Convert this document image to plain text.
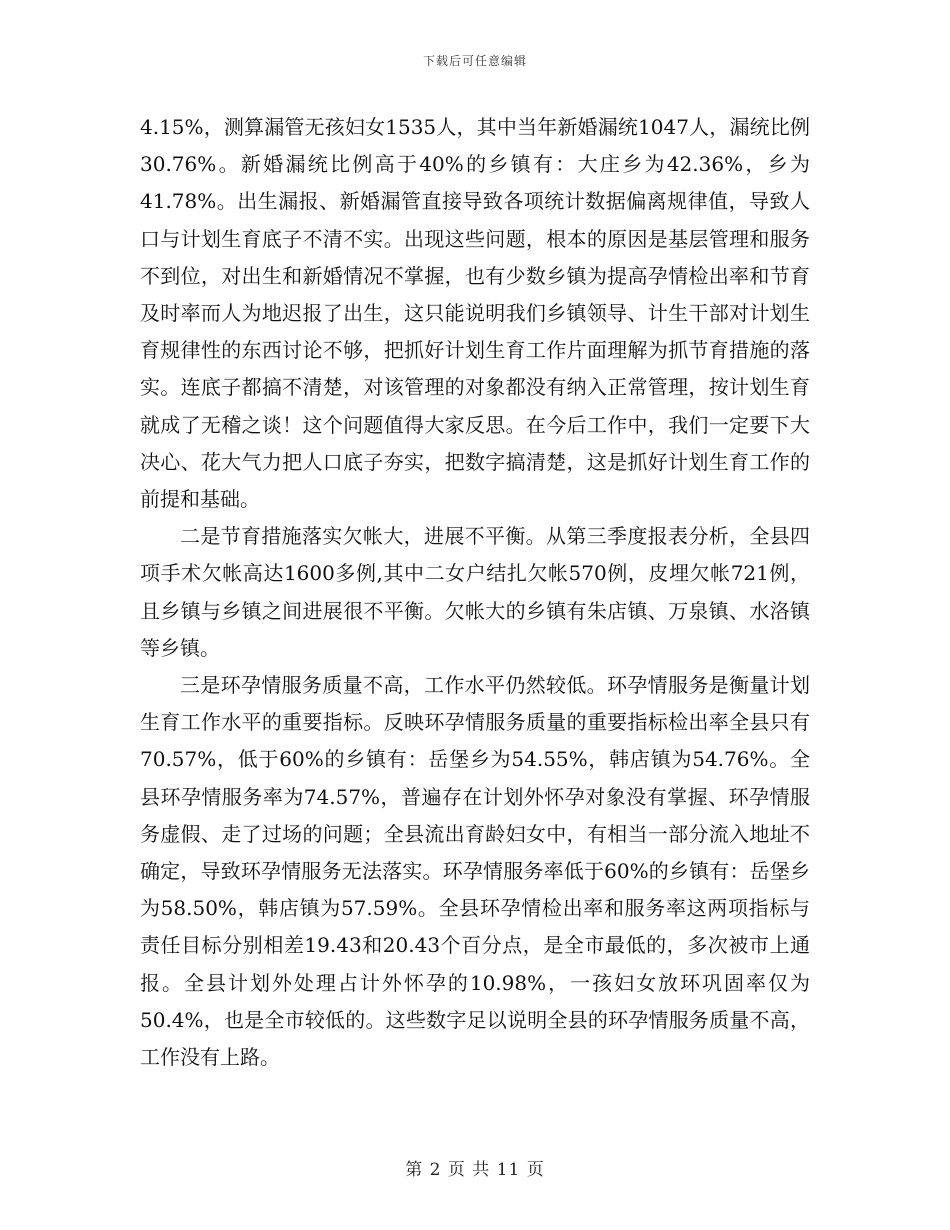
下载后可任意编辑

4.15%，测算漏管无孩妇女1535人，其中当年新婚漏统1047人，漏统比例30.76%。新婚漏统比例高于40%的乡镇有：大庄乡为42.36%，乡为41.78%。出生漏报、新婚漏管直接导致各项统计数据偏离规律值，导致人口与计划生育底子不清不实。出现这些问题，根本的原因是基层管理和服务不到位，对出生和新婚情况不掌握，也有少数乡镇为提高孕情检出率和节育及时率而人为地迟报了出生，这只能说明我们乡镇领导、计生干部对计划生育规律性的东西讨论不够，把抓好计划生育工作片面理解为抓节育措施的落实。连底子都搞不清楚，对该管理的对象都没有纳入正常管理，按计划生育就成了无稽之谈！这个问题值得大家反思。在今后工作中，我们一定要下大决心、花大气力把人口底子夯实，把数字搞清楚，这是抓好计划生育工作的前提和基础。

二是节育措施落实欠帐大，进展不平衡。从第三季度报表分析，全县四项手术欠帐高达1600多例,其中二女户结扎欠帐570例，皮埋欠帐721例，且乡镇与乡镇之间进展很不平衡。欠帐大的乡镇有朱店镇、万泉镇、水洛镇等乡镇。

三是环孕情服务质量不高，工作水平仍然较低。环孕情服务是衡量计划生育工作水平的重要指标。反映环孕情服务质量的重要指标检出率全县只有70.57%，低于60%的乡镇有：岳堡乡为54.55%，韩店镇为54.76%。全县环孕情服务率为74.57%，普遍存在计划外怀孕对象没有掌握、环孕情服务虚假、走了过场的问题；全县流出育龄妇女中，有相当一部分流入地址不确定，导致环孕情服务无法落实。环孕情服务率低于60%的乡镇有：岳堡乡为58.50%，韩店镇为57.59%。全县环孕情检出率和服务率这两项指标与责任目标分别相差19.43和20.43个百分点，是全市最低的，多次被市上通报。全县计划外处理占计外怀孕的10.98%，一孩妇女放环巩固率仅为50.4%，也是全市较低的。这些数字足以说明全县的环孕情服务质量不高，工作没有上路。

第 2 页 共 11 页
